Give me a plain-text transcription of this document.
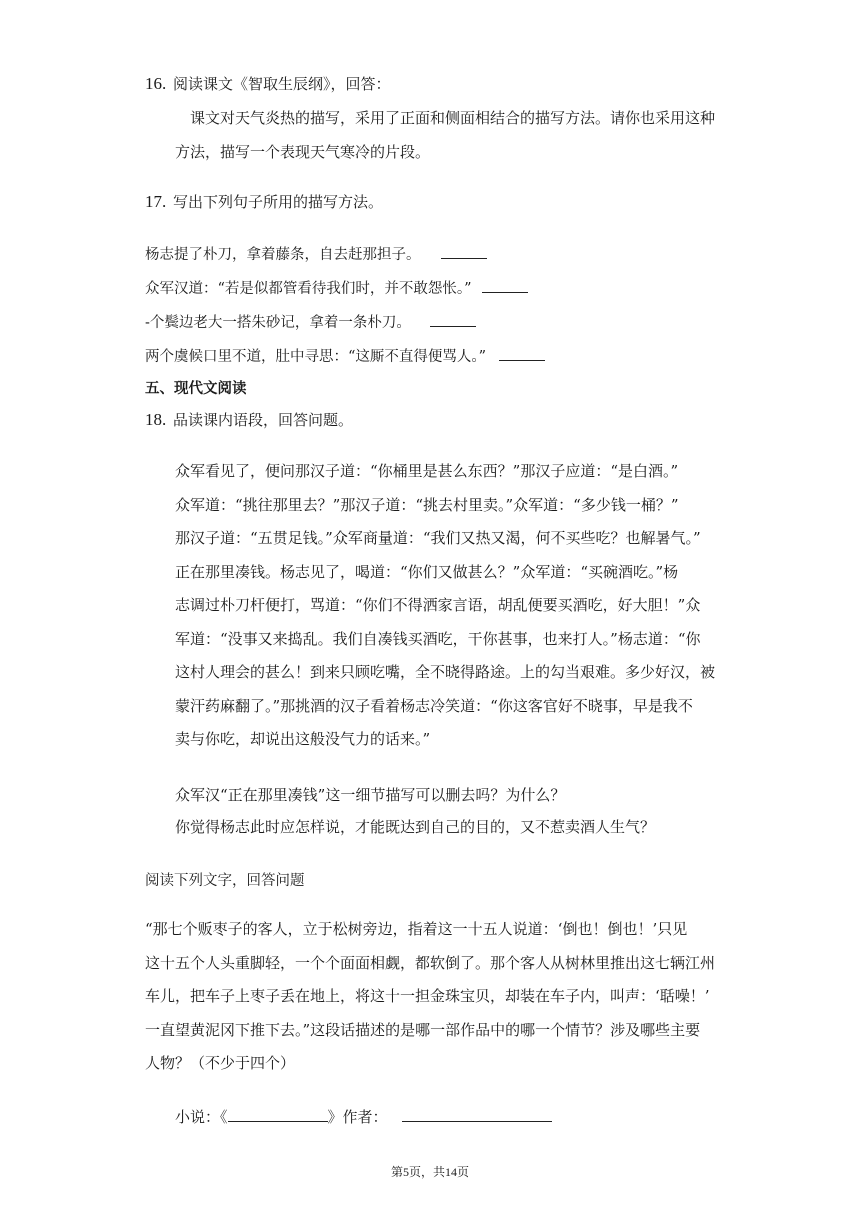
16. 阅读课文《智取生辰纲》，回答：
课文对天气炎热的描写，采用了正面和侧面相结合的描写方法。请你也采用这种
方法，描写一个表现天气寒冷的片段。
17. 写出下列句子所用的描写方法。
杨志提了朴刀，拿着藤条，自去赶那担子。
众军汉道：“若是似都管看待我们时，并不敢怨怅。”
-个鬓边老大一搭朱砂记，拿着一条朴刀。
两个虞候口里不道，肚中寻思：“这厮不直得便骂人。”
五、现代文阅读
18. 品读课内语段，回答问题。

众军看见了，便问那汉子道：“你桶里是甚么东西？”那汉子应道：“是白酒。”

众军道：“挑往那里去？”那汉子道：“挑去村里卖。”众军道：“多少钱一桶？”

那汉子道：“五贯足钱。”众军商量道：“我们又热又渴，何不买些吃？也解暑气。”

正在那里凑钱。杨志见了，喝道：“你们又做甚么？”众军道：“买碗酒吃。”杨

志调过朴刀杆便打，骂道：“你们不得洒家言语，胡乱便要买酒吃，好大胆！”众

军道：“没事又来捣乱。我们自凑钱买酒吃，干你甚事，也来打人。”杨志道：“你

这村人理会的甚么！到来只顾吃嘴，全不晓得路途。上的勾当艰难。多少好汉，被

蒙汗药麻翻了。”那挑酒的汉子看着杨志冷笑道：“你这客官好不晓事，早是我不

卖与你吃，却说出这般没气力的话来。”

众军汉“正在那里凑钱”这一细节描写可以删去吗？为什么？
你觉得杨志此时应怎样说，才能既达到自己的目的，又不惹卖酒人生气？
阅读下列文字，回答问题

“那七个贩枣子的客人，立于松树旁边，指着这一十五人说道：‘倒也！倒也！’只见

这十五个人头重脚轻，一个个面面相觑，都软倒了。那个客人从树林里推出这七辆江州

车儿，把车子上枣子丢在地上，将这十一担金珠宝贝，却装在车子内，叫声：‘聒噪！’

一直望黄泥冈下推下去。”这段话描述的是哪一部作品中的哪一个情节？涉及哪些主要

人物？（不少于四个）

小说：《	》作者：
第5页，共14页
